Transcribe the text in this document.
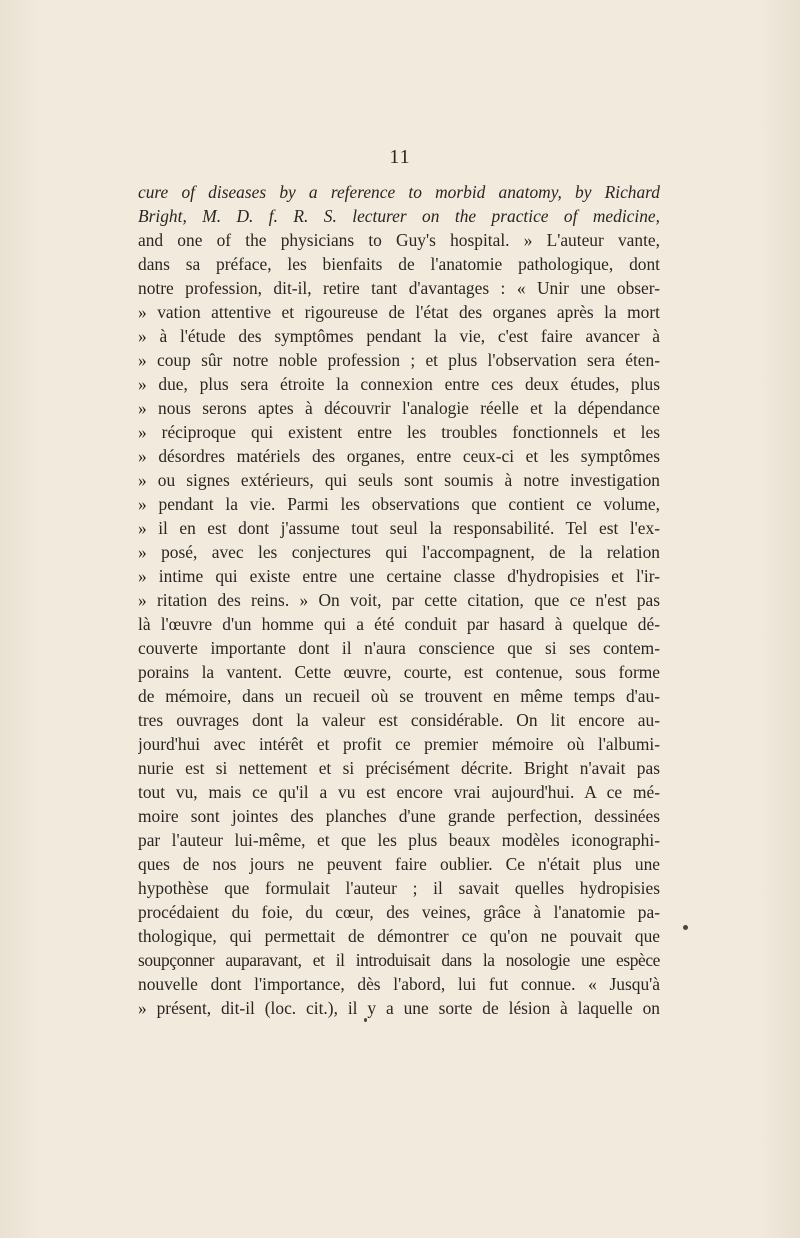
11
cure of diseases by a reference to morbid anatomy, by Richard
Bright, M. D. f. R. S. lecturer on the practice of medicine,
and one of the physicians to Guy's hospital. » L'auteur vante,
dans sa préface, les bienfaits de l'anatomie pathologique, dont
notre profession, dit-il, retire tant d'avantages : « Unir une obser-
» vation attentive et rigoureuse de l'état des organes après la mort
» à l'étude des symptômes pendant la vie, c'est faire avancer à
» coup sûr notre noble profession ; et plus l'observation sera éten-
» due, plus sera étroite la connexion entre ces deux études, plus
» nous serons aptes à découvrir l'analogie réelle et la dépendance
» réciproque qui existent entre les troubles fonctionnels et les
» désordres matériels des organes, entre ceux-ci et les symptômes
» ou signes extérieurs, qui seuls sont soumis à notre investigation
» pendant la vie. Parmi les observations que contient ce volume,
» il en est dont j'assume tout seul la responsabilité. Tel est l'ex-
» posé, avec les conjectures qui l'accompagnent, de la relation
» intime qui existe entre une certaine classe d'hydropisies et l'ir-
» ritation des reins. » On voit, par cette citation, que ce n'est pas
là l'œuvre d'un homme qui a été conduit par hasard à quelque dé-
couverte importante dont il n'aura conscience que si ses contem-
porains la vantent. Cette œuvre, courte, est contenue, sous forme
de mémoire, dans un recueil où se trouvent en même temps d'au-
tres ouvrages dont la valeur est considérable. On lit encore au-
jourd'hui avec intérêt et profit ce premier mémoire où l'albumi-
nurie est si nettement et si précisément décrite. Bright n'avait pas
tout vu, mais ce qu'il a vu est encore vrai aujourd'hui. A ce mé-
moire sont jointes des planches d'une grande perfection, dessinées
par l'auteur lui-même, et que les plus beaux modèles iconographi-
ques de nos jours ne peuvent faire oublier. Ce n'était plus une
hypothèse que formulait l'auteur ; il savait quelles hydropisies
procédaient du foie, du cœur, des veines, grâce à l'anatomie pa-
thologique, qui permettait de démontrer ce qu'on ne pouvait que
soupçonner auparavant, et il introduisait dans la nosologie une espèce
nouvelle dont l'importance, dès l'abord, lui fut connue. « Jusqu'à
» présent, dit-il (loc. cit.), il y a une sorte de lésion à laquelle on
